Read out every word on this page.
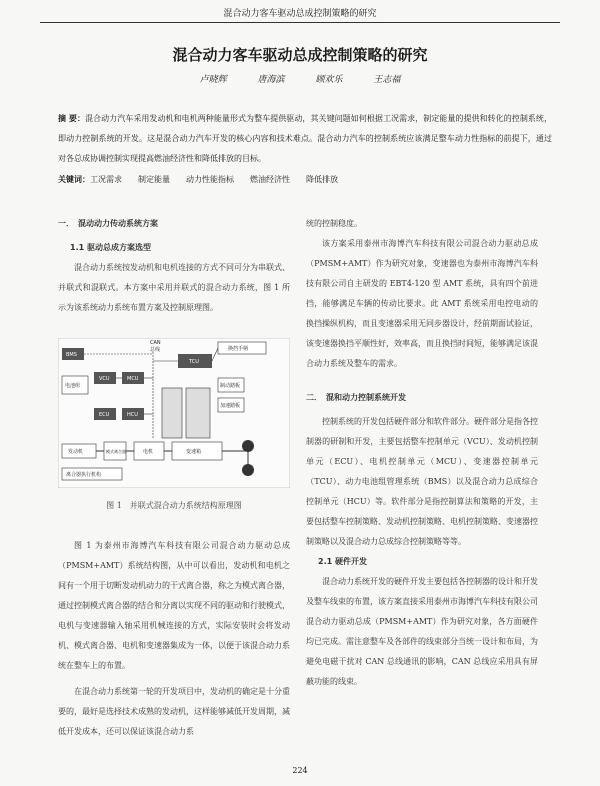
混合动力客车驱动总成控制策略的研究
混合动力客车驱动总成控制策略的研究
卢晓辉	唐海滨	顾欢乐	王志福
摘 要：混合动力汽车采用发动机和电机两种能量形式为整车提供驱动，其关键问题如何根据工况需求，制定能量的提供和转化的控制系统，即动力控制系统的开发。这是混合动力汽车开发的核心内容和技术难点。混合动力汽车的控制系统应该满足整车动力性指标的前提下，通过对各总成协调控制实现提高燃油经济性和降低排放的目标。
关键词：工况需求　　制定能量　　动力性能指标　　燃油经济性　　降低排放
一．　混动动力传动系统方案
1.1 驱动总成方案选型

混合动力系统按发动机和电机连接的方式不同可分为串联式、并联式和混联式。本方案中采用并联式的混合动力系统，图 1 所示为该系统动力系统布置方案及控制原理图。

BMS
电池组
VCU	MCU
ECU	HCU
CAN
总线
TCU
换挡手柄
制动踏板
加速踏板
发动机	模式离合器	电机	变速箱
离合器执行机构
图 1　并联式混合动力系统结构原理图

图 1 为泰州市海博汽车科技有限公司混合动力驱动总成（PMSM+AMT）系统结构图，从中可以看出，发动机和电机之间有一个用于切断发动机动力的干式离合器，称之为模式离合器，通过控制模式离合器的结合和分离以实现不同的驱动和行驶模式，电机与变速器输入轴采用机械连接的方式，实际安装时会将发动机、模式离合器、电机和变速器集成为一体，以便于该混合动力系统在整车上的布置。

在混合动力系统第一轮的开发项目中，发动机的确定是十分重要的，最好是选择技术成熟的发动机，这样能够减低开发周期，减低开发成本，还可以保证该混合动力系

统的控制稳度。

该方案采用泰州市海博汽车科技有限公司混合动力驱动总成（PMSM+AMT）作为研究对象，变速器也为泰州市海博汽车科技有限公司自主研发的 EBT4-120 型 AMT 系统，具有四个前进挡，能够满足车辆的传动比要求。此 AMT 系统采用电控电动的换挡操纵机构，而且变速器采用无同步器设计，经前期面试验证，该变速器换挡平顺性好，效率高，而且换挡时间短，能够满足该混合动力系统及整车的需求。

二．　混和动力控制系统开发

控制系统的开发包括硬件部分和软件部分。硬件部分是指各控制器的研制和开发，主要包括整车控制单元（VCU）、发动机控制单元（ECU）、电机控制单元（MCU）、变速器控制单元（TCU）、动力电池组管理系统（BMS）以及混合动力总成综合控制单元（HCU）等。软件部分是指控制算法和策略的开发，主要包括整车控制策略、发动机控制策略、电机控制策略、变速器控制策略以及混合动力总成综合控制策略等等。

2.1 硬件开发

混合动力系统开发的硬件开发主要包括各控制器的设计和开发及整车线束的布置，该方案直接采用泰州市海博汽车科技有限公司混合动力驱动总成（PMSM+AMT）作为研究对象，各方面硬件均已完成。需注意整车及各部件的线束部分当统一设计和布局，为避免电磁干扰对 CAN 总线通讯的影响，CAN 总线应采用具有屏蔽功能的线束。

224
